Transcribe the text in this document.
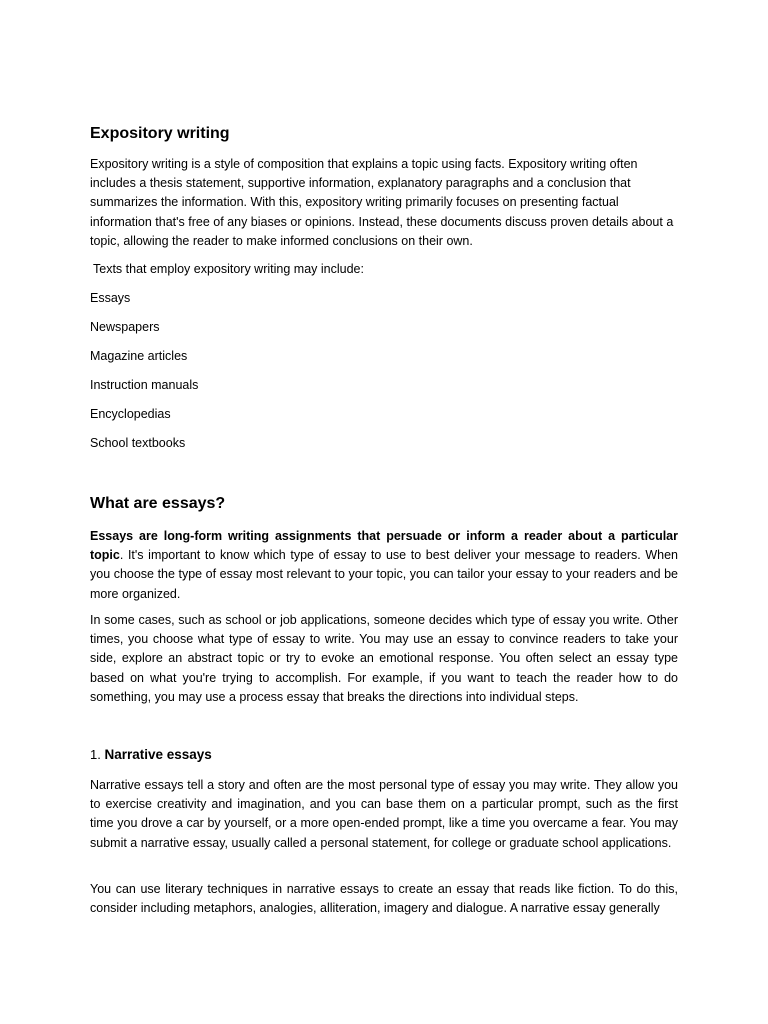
Expository writing

Expository writing is a style of composition that explains a topic using facts. Expository writing often includes a thesis statement, supportive information, explanatory paragraphs and a conclusion that summarizes the information. With this, expository writing primarily focuses on presenting factual information that's free of any biases or opinions. Instead, these documents discuss proven details about a topic, allowing the reader to make informed conclusions on their own.

Texts that employ expository writing may include:

Essays

Newspapers

Magazine articles

Instruction manuals

Encyclopedias

School textbooks

What are essays?

Essays are long-form writing assignments that persuade or inform a reader about a particular topic. It's important to know which type of essay to use to best deliver your message to readers. When you choose the type of essay most relevant to your topic, you can tailor your essay to your readers and be more organized.

In some cases, such as school or job applications, someone decides which type of essay you write. Other times, you choose what type of essay to write. You may use an essay to convince readers to take your side, explore an abstract topic or try to evoke an emotional response. You often select an essay type based on what you're trying to accomplish. For example, if you want to teach the reader how to do something, you may use a process essay that breaks the directions into individual steps.

1. Narrative essays

Narrative essays tell a story and often are the most personal type of essay you may write. They allow you to exercise creativity and imagination, and you can base them on a particular prompt, such as the first time you drove a car by yourself, or a more open-ended prompt, like a time you overcame a fear. You may submit a narrative essay, usually called a personal statement, for college or graduate school applications.

You can use literary techniques in narrative essays to create an essay that reads like fiction. To do this, consider including metaphors, analogies, alliteration, imagery and dialogue. A narrative essay generally
